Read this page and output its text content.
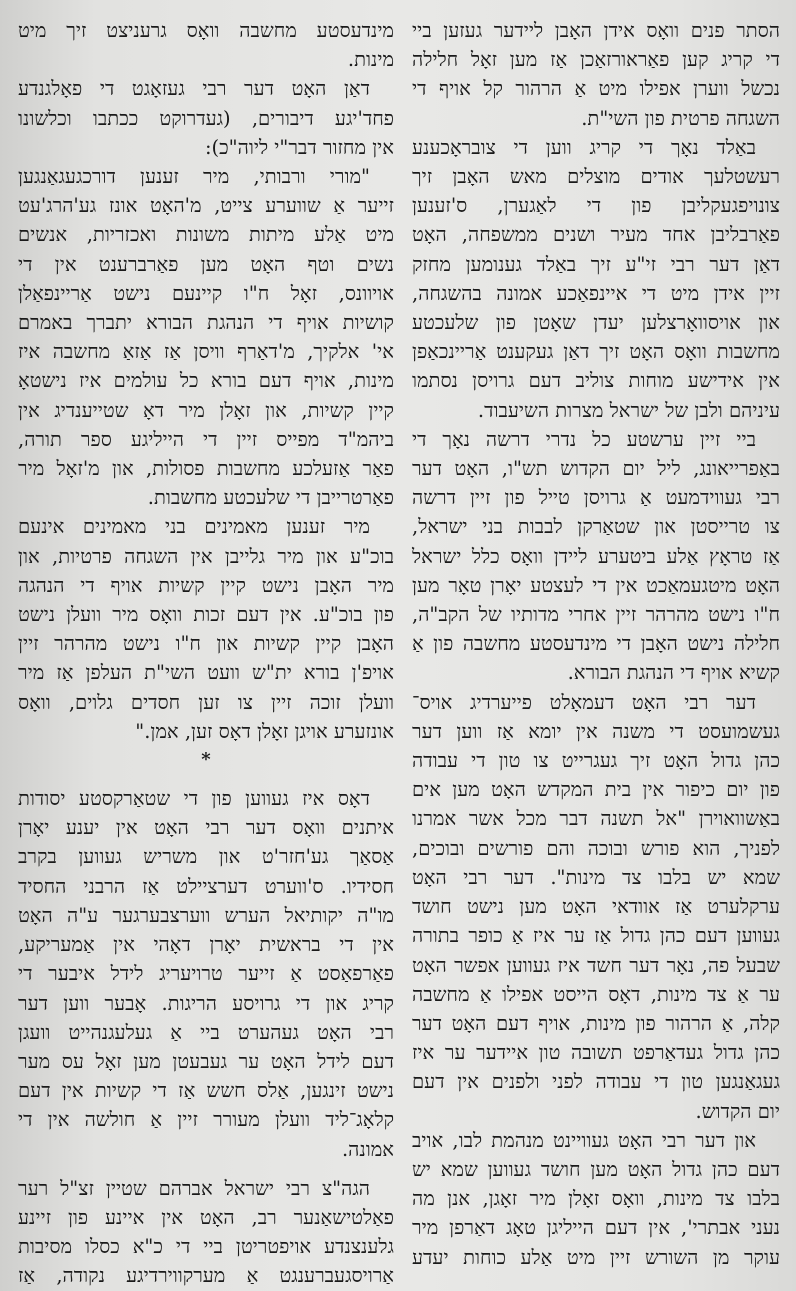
הסתר פנים וואָס אידן האָבן ליידער געזען ביי
די קריג קען פאַראורזאַכן אַז מען זאָל חלילה
נכשל ווערן אפילו מיט אַ הרהור קל אויף די
השגחה פרטית פון השי"ת.
באַלד נאָך די קריג ווען די צובראָכענע
רעשטלעך אודים מוצלים מאש האָבן זיך
צונויפגעקליבן פון די לאַגערן, ס'זענען
פאַרבליבן אחד מעיר ושנים ממשפחה, האָט
דאַן דער רבי זי"ע זיך באַלד גענומען מחזק
זיין אידן מיט די איינפאַכע אמונה בהשגחה,
און אויסוואָרצלען יעדן שאָטן פון שלעכטע
מחשבות וואָס האָט זיך דאַן געקענט אַריינכאַפן
אין אידישע מוחות צוליב דעם גרויסן נסתמו
עיניהם ולבן של ישראל מצרות השיעבוד.
ביי זיין ערשטע כל נדרי דרשה נאָך די
באַפרייאונג, ליל יום הקדוש תש"ו, האָט דער
רבי געווידמעט אַ גרויסן טייל פון זיין דרשה
צו טרייסטן און שטאַרקן לבבות בני ישראל,
אַז טראָץ אַלע ביטערע ליידן וואָס כלל ישראל
האָט מיטגעמאַכט אין די לעצטע יאָרן טאָר מען
ח"ו נישט מהרהר זיין אחרי מדותיו של הקב"ה,
חלילה נישט האָבן די מינדעסטע מחשבה פון אַ
קשיא אויף די הנהגת הבורא.
דער רבי האָט דעמאָלט פייערדיג אויס־
געשמועסט די משנה אין יומא אַז ווען דער
כהן גדול האָט זיך געגרייט צו טון די עבודה
פון יום כיפור אין בית המקדש האָט מען אים
באַשוואוירן "אל תשנה דבר מכל אשר אמרנו
לפניך, הוא פורש ובוכה והם פורשים ובוכים,
שמא יש בלבו צד מינות". דער רבי האָט
ערקלערט אַז אוודאי האָט מען נישט חושד
געווען דעם כהן גדול אַז ער איז אַ כופר בתורה
שבעל פה, נאָר דער חשד איז געווען אפשר האָט
ער אַ צד מינות, דאָס הייסט אפילו אַ מחשבה
קלה, אַ הרהור פון מינות, אויף דעם האָט דער
כהן גדול געדאַרפט תשובה טון איידער ער איז
געגאַנגען טון די עבודה לפני ולפנים אין דעם
יום הקדוש.
און דער רבי האָט געוויינט מנהמת לבו, אויב
דעם כהן גדול האָט מען חושד געווען שמא יש
בלבו צד מינות, וואָס זאָלן מיר זאָגן, אנן מה
נעני אבתרי', אין דעם הייליגן טאָג דאַרפן מיר
עוקר מן השורש זיין מיט אַלע כוחות יעדע
מינדעסטע מחשבה וואָס גרעניצט זיך מיט
מינות.
דאַן האָט דער רבי געזאָגט די פאָלגנדע
פחד'יגע דיבורים, (געדרוקט ככתבו וכלשונו
אין מחזור דבר"י ליוה"כ):
"מורי ורבותי, מיר זענען דורכגעגאַנגען
זייער אַ שווערע צייט, מ'האָט אונז גע'הרג'עט
מיט אַלע מיתות משונות ואכזריות, אנשים
נשים וטף האָט מען פאַרברענט אין די
אויוונס, זאָל ח"ו קיינעם נישט אַריינפאַלן
קושיות אויף די הנהגת הבורא יתברך באמרם
אי' אלקיך, מ'דאַרף וויסן אַז אַזאַ מחשבה איז
מינות, אויף דעם בורא כל עולמים איז נישטאָ
קיין קשיות, און זאָלן מיר דאָ שטייענדיג אין
ביהמ"ד מפייס זיין די הייליגע ספר תורה,
פאַר אַזעלכע מחשבות פסולות, און מ'זאָל מיר
פאַרטרייבן די שלעכטע מחשבות.
מיר זענען מאמינים בני מאמינים אינעם
בוכ"ע און מיר גלייבן אין השגחה פרטיות, און
מיר האָבן נישט קיין קשיות אויף די הנהגה
פון בוכ"ע. אין דעם זכות וואָס מיר וועלן נישט
האָבן קיין קשיות און ח"ו נישט מהרהר זיין
אויפ'ן בורא ית"ש וועט השי"ת העלפן אַז מיר
וועלן זוכה זיין צו זען חסדים גלוים, וואָס
אונזערע אויגן זאָלן דאָס זען, אמן."
*
דאָס איז געווען פון די שטאַרקסטע יסודות
איתנים וואָס דער רבי האָט אין יענע יאָרן
אַסאַך גע'חזר'ט און משריש געווען בקרב
חסידיו. ס'ווערט דערציילט אַז הרבני החסיד
מו"ה יקותיאל הערש ווערצבערגער ע"ה האָט
אין די בראשית יאָרן דאָהי אין אַמעריקע,
פאַרפאַסט אַ זייער טרויעריג לידל איבער די
קריג און די גרויסע הריגות. אָבער ווען דער
רבי האָט געהערט ביי אַ געלעגנהייט וועגן
דעם לידל האָט ער געבעטן מען זאָל עס מער
נישט זינגען, אַלס חשש אַז די קשיות אין דעם
קלאָג־ליד וועלן מעורר זיין אַ חולשה אין די
אמונה.
הגה"צ רבי ישראל אברהם שטיין זצ"ל רער
פאַלטישאַנער רב, האָט אין איינע פון זיינע
גלענצנדע אויפטריטן ביי די כ"א כסלו מסיבות
אַרויסגעברענגט אַ מערקווירדיגע נקודה, אַז
